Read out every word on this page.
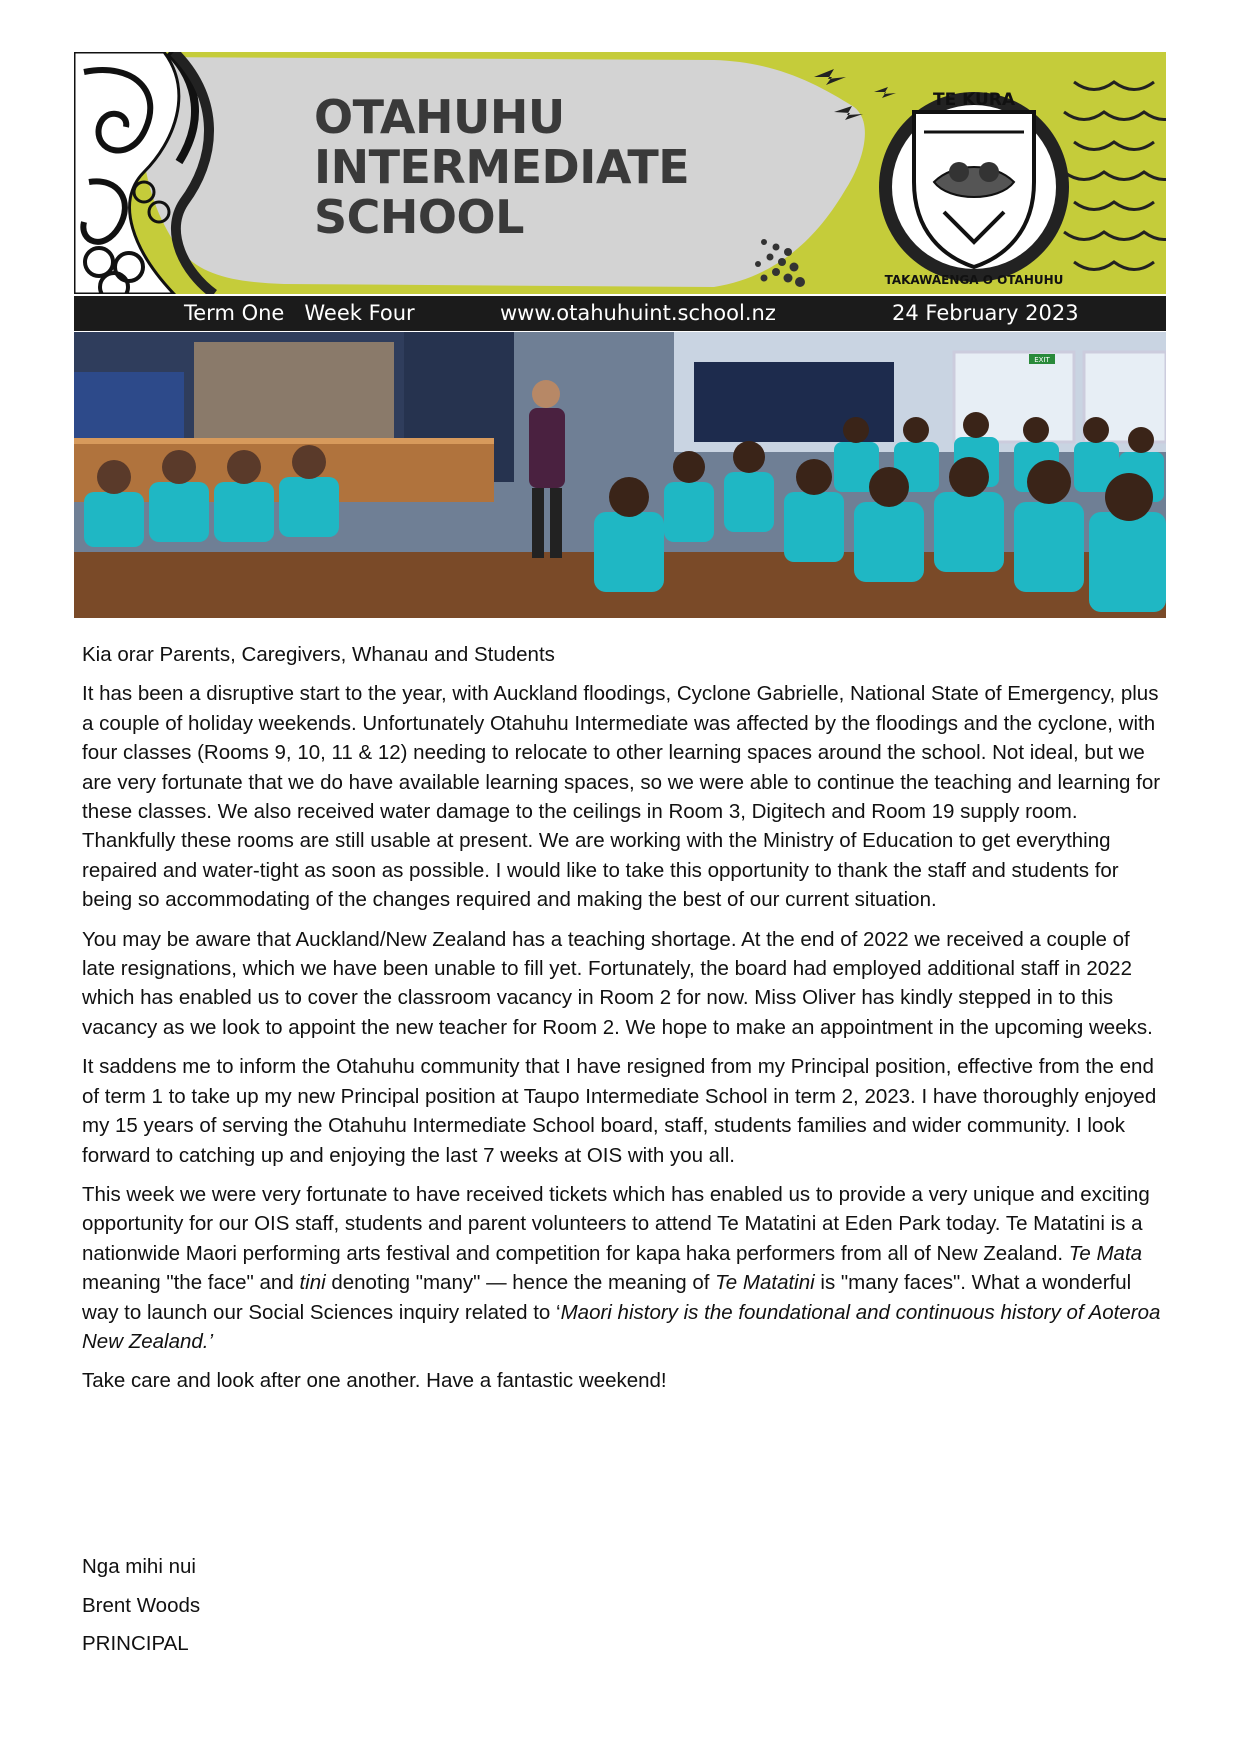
TE KURA
TAKAWAENGA O OTAHUHU
OTAHUHU
INTERMEDIATE
SCHOOL
Term One   Week Four	www.otahuhuint.school.nz	24 February 2023
EXIT

Kia orar Parents, Caregivers, Whanau and Students

It has been a disruptive start to the year, with Auckland floodings, Cyclone Gabrielle, National State of Emergency, plus a couple of holiday weekends. Unfortunately Otahuhu Intermediate was affected by the floodings and the cyclone, with four classes (Rooms 9, 10, 11 & 12) needing to relocate to other learning spaces around the school. Not ideal, but we are very fortunate that we do have available learning spaces, so we were able to continue the teaching and learning for these classes. We also received water damage to the ceilings in Room 3, Digitech and Room 19 supply room. Thankfully these rooms are still usable at present. We are working with the Ministry of Education to get everything repaired and water-tight as soon as possible. I would like to take this opportunity to thank the staff and students for being so accommodating of the changes required and making the best of our current situation.

You may be aware that Auckland/New Zealand has a teaching shortage. At the end of 2022 we received a couple of late resignations, which we have been unable to fill yet. Fortunately, the board had employed additional staff in 2022 which has enabled us to cover the classroom vacancy in Room 2 for now. Miss Oliver has kindly stepped in to this vacancy as we look to appoint the new teacher for Room 2. We hope to make an appointment in the upcoming weeks.

It saddens me to inform the Otahuhu community that I have resigned from my Principal position, effective from the end of term 1 to take up my new Principal position at Taupo Intermediate School in term 2, 2023. I have thoroughly enjoyed my 15 years of serving the Otahuhu Intermediate School board, staff, students families and wider community. I look forward to catching up and enjoying the last 7 weeks at OIS with you all.

This week we were very fortunate to have received tickets which has enabled us to provide a very unique and exciting opportunity for our OIS staff, students and parent volunteers to attend Te Matatini at Eden Park today. Te Matatini is a nationwide Maori performing arts festival and competition for kapa haka performers from all of New Zealand. Te Mata meaning "the face" and tini denoting "many" — hence the meaning of Te Matatini is "many faces". What a wonderful way to launch our Social Sciences inquiry related to ‘Maori history is the foundational and continuous history of Aoteroa New Zealand.’

Take care and look after one another. Have a fantastic weekend!

Nga mihi nui
Brent Woods
PRINCIPAL
